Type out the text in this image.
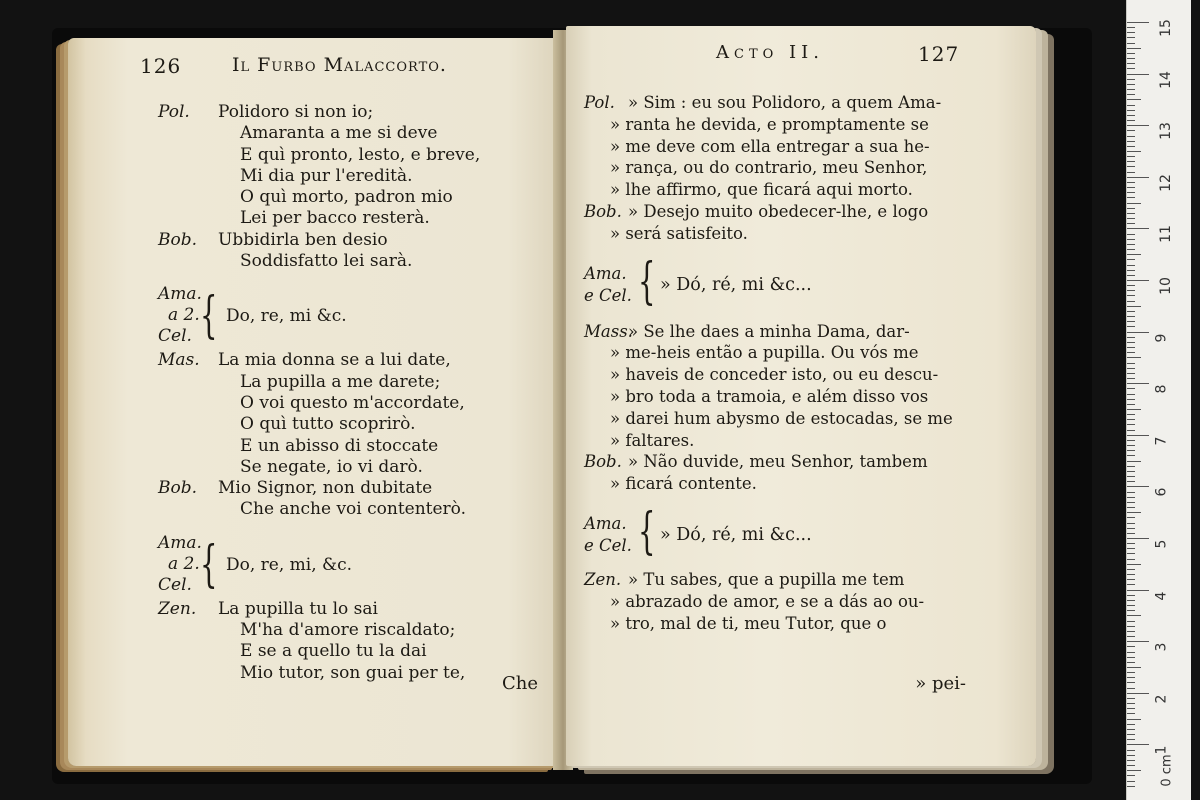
126	Il Furbo Malaccorto.
Pol. Polidoro si non io;
Amaranta a me si deve
E quì pronto, lesto, e breve,
Mi dia pur l'eredità.
O quì morto, padron mio
Lei per bacco resterà.
Bob. Ubbidirla ben desio
Soddisfatto lei sarà.
Ama.
a 2.
Cel. { Do, re, mi &c.
Mas. La mia donna se a lui date,
La pupilla a me darete;
O voi questo m'accordate,
O quì tutto scoprirò.
E un abisso di stoccate
Se negate, io vi darò.
Bob. Mio Signor, non dubitate
Che anche voi contenterò.
Ama.
a 2.
Cel. { Do, re, mi, &c.
Zen. La pupilla tu lo sai
M'ha d'amore riscaldato;
E se a quello tu la dai
Mio tutor, son guai per te,
Che
Acto II.	127
Pol. » Sim : eu sou Polidoro, a quem Ama-
» ranta he devida, e promptamente se
» me deve com ella entregar a sua he-
» rança, ou do contrario, meu Senhor,
» lhe affirmo, que ficará aqui morto.
Bob. » Desejo muito obedecer-lhe, e logo
» será satisfeito.
Ama.
e Cel. { » Dó, ré, mi &c...
Mass.» Se lhe daes a minha Dama, dar-
» me-heis então a pupilla. Ou vós me
» haveis de conceder isto, ou eu descu-
» bro toda a tramoia, e além disso vos
» darei hum abysmo de estocadas, se me
» faltares.
Bob. » Não duvide, meu Senhor, tambem
» ficará contente.
Ama.
e Cel. { » Dó, ré, mi &c...
Zen. » Tu sabes, que a pupilla me tem
» abrazado de amor, e se a dás ao ou-
» tro, mal de ti, meu Tutor, que o
» pei-
15
14
13
12
11
10
9
8
7
6
5
4
3
2
1
0 cm
